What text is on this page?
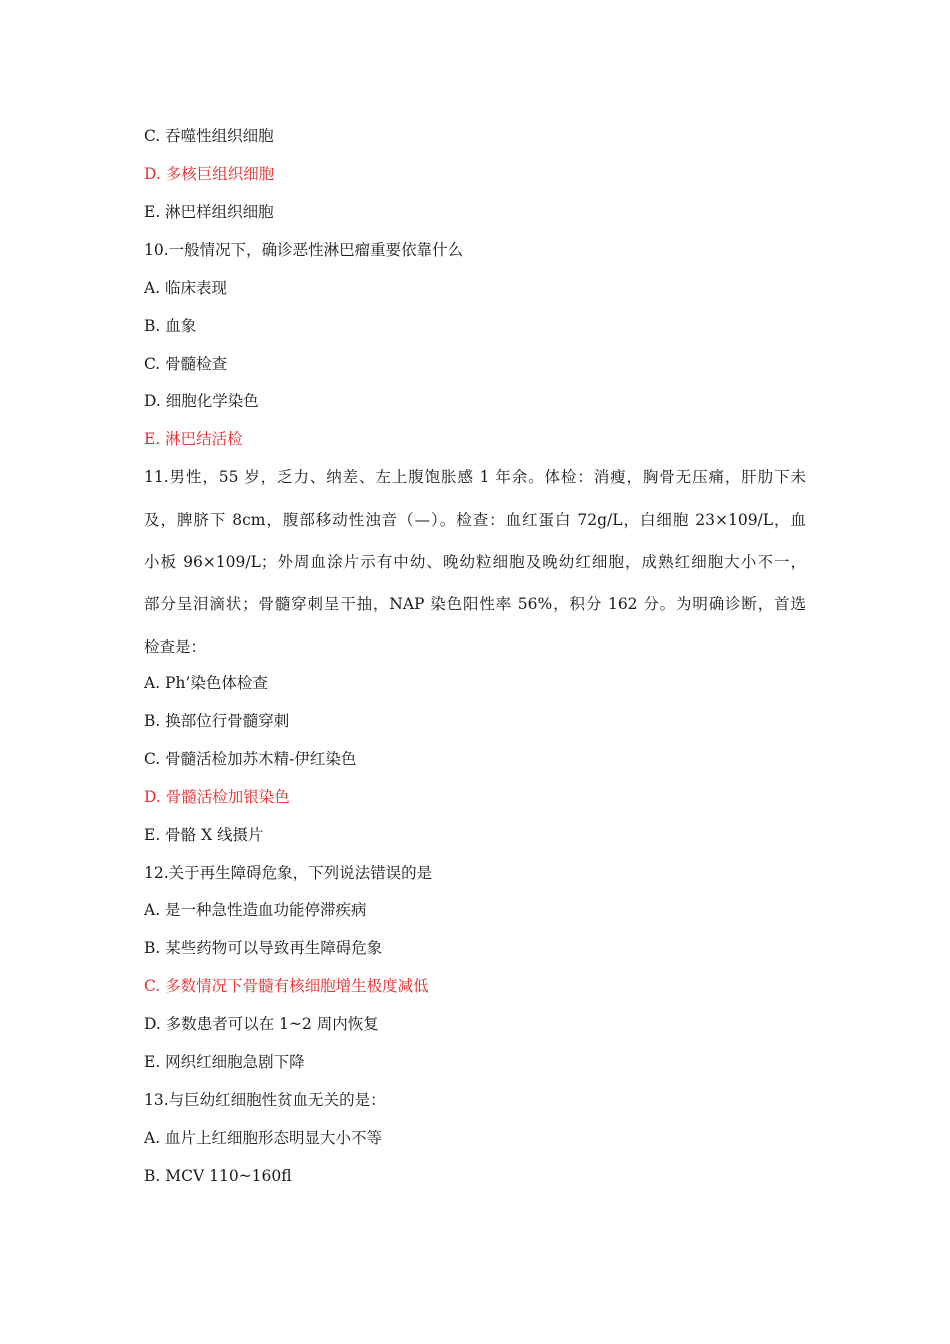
C. 吞噬性组织细胞
D. 多核巨组织细胞
E. 淋巴样组织细胞
10.一般情况下，确诊恶性淋巴瘤重要依靠什么
A. 临床表现
B. 血象
C. 骨髓检查
D. 细胞化学染色
E. 淋巴结活检
11.男性，55 岁，乏力、纳差、左上腹饱胀感 1 年余。体检：消瘦，胸骨无压痛，肝肋下未
及，脾脐下 8cm，腹部移动性浊音（—）。检查：血红蛋白 72g/L，白细胞 23×109/L，血
小板 96×109/L；外周血涂片示有中幼、晚幼粒细胞及晚幼红细胞，成熟红细胞大小不一，
部分呈泪滴状；骨髓穿刺呈干抽，NAP 染色阳性率 56%，积分 162 分。为明确诊断，首选
检查是：
A. Ph’染色体检查
B. 换部位行骨髓穿刺
C. 骨髓活检加苏木精-伊红染色
D. 骨髓活检加银染色
E. 骨骼 X 线摄片
12.关于再生障碍危象，下列说法错误的是
A. 是一种急性造血功能停滞疾病
B. 某些药物可以导致再生障碍危象
C. 多数情况下骨髓有核细胞增生极度减低
D. 多数患者可以在 1~2 周内恢复
E. 网织红细胞急剧下降
13.与巨幼红细胞性贫血无关的是：
A. 血片上红细胞形态明显大小不等
B. MCV 110~160fl
